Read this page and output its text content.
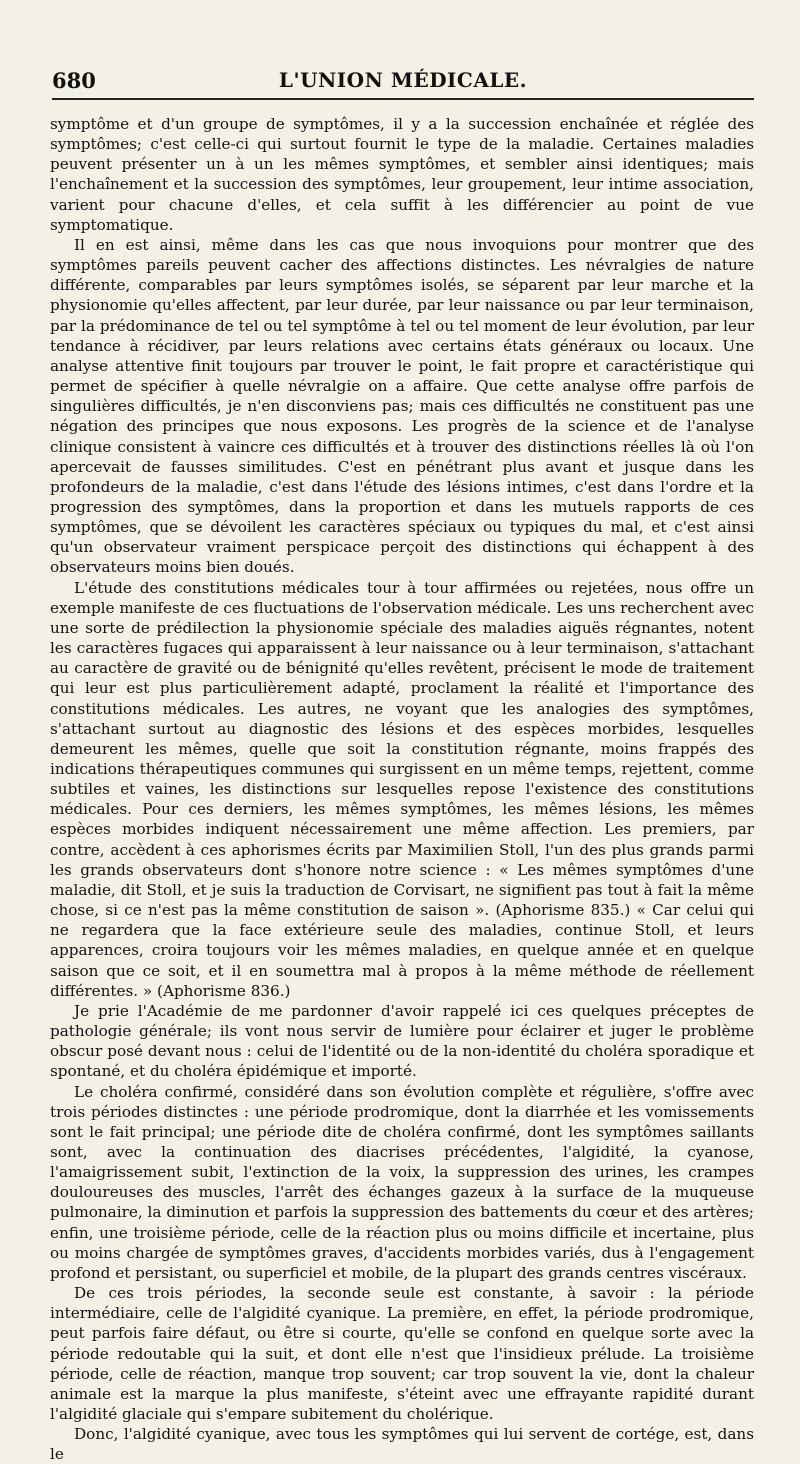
680	L'UNION MÉDICALE.

symptôme et d'un groupe de symptômes, il y a la succession enchaînée et réglée des symptômes; c'est celle-ci qui surtout fournit le type de la maladie. Certaines maladies peuvent présenter un à un les mêmes symptômes, et sembler ainsi identiques; mais l'enchaînement et la succession des symptômes, leur groupement, leur intime association, varient pour chacune d'elles, et cela suffit à les différencier au point de vue symptomatique.

Il en est ainsi, même dans les cas que nous invoquions pour montrer que des symptômes pareils peuvent cacher des affections distinctes. Les névralgies de nature différente, comparables par leurs symptômes isolés, se séparent par leur marche et la physionomie qu'elles affectent, par leur durée, par leur naissance ou par leur terminaison, par la prédominance de tel ou tel symptôme à tel ou tel moment de leur évolution, par leur tendance à récidiver, par leurs relations avec certains états généraux ou locaux. Une analyse attentive finit toujours par trouver le point, le fait propre et caractéristique qui permet de spécifier à quelle névralgie on a affaire. Que cette analyse offre parfois de singulières difficultés, je n'en disconviens pas; mais ces difficultés ne constituent pas une négation des principes que nous exposons. Les progrès de la science et de l'analyse clinique consistent à vaincre ces difficultés et à trouver des distinctions réelles là où l'on apercevait de fausses similitudes. C'est en pénétrant plus avant et jusque dans les profondeurs de la maladie, c'est dans l'étude des lésions intimes, c'est dans l'ordre et la progression des symptômes, dans la proportion et dans les mutuels rapports de ces symptômes, que se dévoilent les caractères spéciaux ou typiques du mal, et c'est ainsi qu'un observateur vraiment perspicace perçoit des distinctions qui échappent à des observateurs moins bien doués.

L'étude des constitutions médicales tour à tour affirmées ou rejetées, nous offre un exemple manifeste de ces fluctuations de l'observation médicale. Les uns recherchent avec une sorte de prédilection la physionomie spéciale des maladies aiguës régnantes, notent les caractères fugaces qui apparaissent à leur naissance ou à leur terminaison, s'attachant au caractère de gravité ou de bénignité qu'elles revêtent, précisent le mode de traitement qui leur est plus particulièrement adapté, proclament la réalité et l'importance des constitutions médicales. Les autres, ne voyant que les analogies des symptômes, s'attachant surtout au diagnostic des lésions et des espèces morbides, lesquelles demeurent les mêmes, quelle que soit la constitution régnante, moins frappés des indications thérapeutiques communes qui surgissent en un même temps, rejettent, comme subtiles et vaines, les distinctions sur lesquelles repose l'existence des constitutions médicales. Pour ces derniers, les mêmes symptômes, les mêmes lésions, les mêmes espèces morbides indiquent nécessairement une même affection. Les premiers, par contre, accèdent à ces aphorismes écrits par Maximilien Stoll, l'un des plus grands parmi les grands observateurs dont s'honore notre science : « Les mêmes symptômes d'une maladie, dit Stoll, et je suis la traduction de Corvisart, ne signifient pas tout à fait la même chose, si ce n'est pas la même constitution de saison ». (Aphorisme 835.) « Car celui qui ne regardera que la face extérieure seule des maladies, continue Stoll, et leurs apparences, croira toujours voir les mêmes maladies, en quelque année et en quelque saison que ce soit, et il en soumettra mal à propos à la même méthode de réellement différentes. » (Aphorisme 836.)

Je prie l'Académie de me pardonner d'avoir rappelé ici ces quelques préceptes de pathologie générale; ils vont nous servir de lumière pour éclairer et juger le problème obscur posé devant nous : celui de l'identité ou de la non-identité du choléra sporadique et spontané, et du choléra épidémique et importé.

Le choléra confirmé, considéré dans son évolution complète et régulière, s'offre avec trois périodes distinctes : une période prodromique, dont la diarrhée et les vomissements sont le fait principal; une période dite de choléra confirmé, dont les symptômes saillants sont, avec la continuation des diacrises précédentes, l'algidité, la cyanose, l'amaigrissement subit, l'extinction de la voix, la suppression des urines, les crampes douloureuses des muscles, l'arrêt des échanges gazeux à la surface de la muqueuse pulmonaire, la diminution et parfois la suppression des battements du cœur et des artères; enfin, une troisième période, celle de la réaction plus ou moins difficile et incertaine, plus ou moins chargée de symptômes graves, d'accidents morbides variés, dus à l'engagement profond et persistant, ou superficiel et mobile, de la plupart des grands centres viscéraux.

De ces trois périodes, la seconde seule est constante, à savoir : la période intermédiaire, celle de l'algidité cyanique. La première, en effet, la période prodromique, peut parfois faire défaut, ou être si courte, qu'elle se confond en quelque sorte avec la période redoutable qui la suit, et dont elle n'est que l'insidieux prélude. La troisième période, celle de réaction, manque trop souvent; car trop souvent la vie, dont la chaleur animale est la marque la plus manifeste, s'éteint avec une effrayante rapidité durant l'algidité glaciale qui s'empare subitement du cholérique.

Donc, l'algidité cyanique, avec tous les symptômes qui lui servent de cortége, est, dans le
